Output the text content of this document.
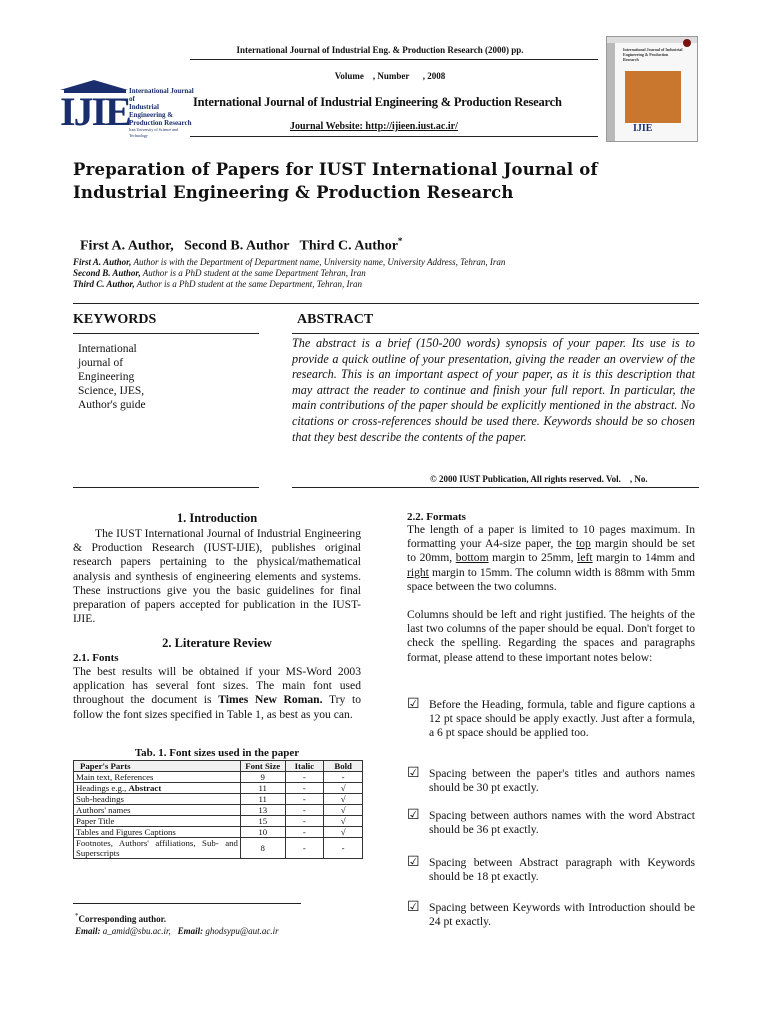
International Journal of Industrial Eng. & Production Research (2000) pp.
Volume    , Number      , 2008
IJIE International Journal of
Industrial Engineering &
Production Research
Iran University of Science and Technology
International Journal of Industrial Engineering & Production Research
Journal Website: http://ijieen.iust.ac.ir/
International Journal of Industrial Engineering & Production Research
IJIE
Preparation of Papers for IUST International Journal of Industrial Engineering & Production Research

First A. Author,   Second B. Author   Third C. Author*

First A. Author, Author is with the Department of Department name, University name, University Address, Tehran, Iran
Second B. Author, Author is a PhD student at the same Department Tehran, Iran
Third C. Author, Author is a PhD student at the same Department, Tehran, Iran
KEYWORDS
International
journal of
Engineering
Science, IJES,
Author's guide
ABSTRACT
The abstract is a brief (150-200 words) synopsis of your paper. Its use is to provide a quick outline of your presentation, giving the reader an overview of the research. This is an important aspect of your paper, as it is this description that may attract the reader to continue and finish your full report. In particular, the main contributions of the paper should be explicitly mentioned in the abstract. No citations or cross-references should be used there. Keywords should be so chosen that they best describe the contents of the paper.
© 2000 IUST Publication, All rights reserved. Vol.    , No.
1. Introduction
The IUST International Journal of Industrial Engineering & Production Research (IUST-IJIE), publishes original research papers pertaining to the physical/mathematical analysis and synthesis of engineering elements and systems. These instructions give you the basic guidelines for final preparation of papers accepted for publication in the IUST- IJIE.
2. Literature Review
2.1. Fonts
The best results will be obtained if your MS-Word 2003 application has several font sizes. The main font used throughout the document is Times New Roman. Try to follow the font sizes specified in Table 1, as best as you can.
Tab. 1. Font sizes used in the paper
Paper's Parts	Font Size	Italic	Bold
Main text, References	9	-	-
Headings e.g., Abstract	11	-	√
Sub-headings	11	-	√
Authors' names	13	-	√
Paper Title	15	-	√
Tables and Figures Captions	10	-	√
Footnotes, Authors' affiliations, Sub- and Superscripts	8	-	-
*Corresponding author.
Email: a_amid@sbu.ac.ir, Email: ghodsypu@aut.ac.ir
2.2. Formats
The length of a paper is limited to 10 pages maximum. In formatting your A4-size paper, the top margin should be set to 20mm, bottom margin to 25mm, left margin to 14mm and right margin to 15mm. The column width is 88mm with 5mm space between the two columns.
Columns should be left and right justified. The heights of the last two columns of the paper should be equal. Don't forget to check the spelling. Regarding the spaces and paragraphs format, please attend to these important notes below:
☑ Before the Heading, formula, table and figure captions a 12 pt space should be apply exactly. Just after a formula, a 6 pt space should be applied too.
☑ Spacing between the paper's titles and authors names should be 30 pt exactly.
☑ Spacing between authors names with the word Abstract should be 36 pt exactly.
☑ Spacing between Abstract paragraph with Keywords should be 18 pt exactly.
☑ Spacing between Keywords with Introduction should be 24 pt exactly.
